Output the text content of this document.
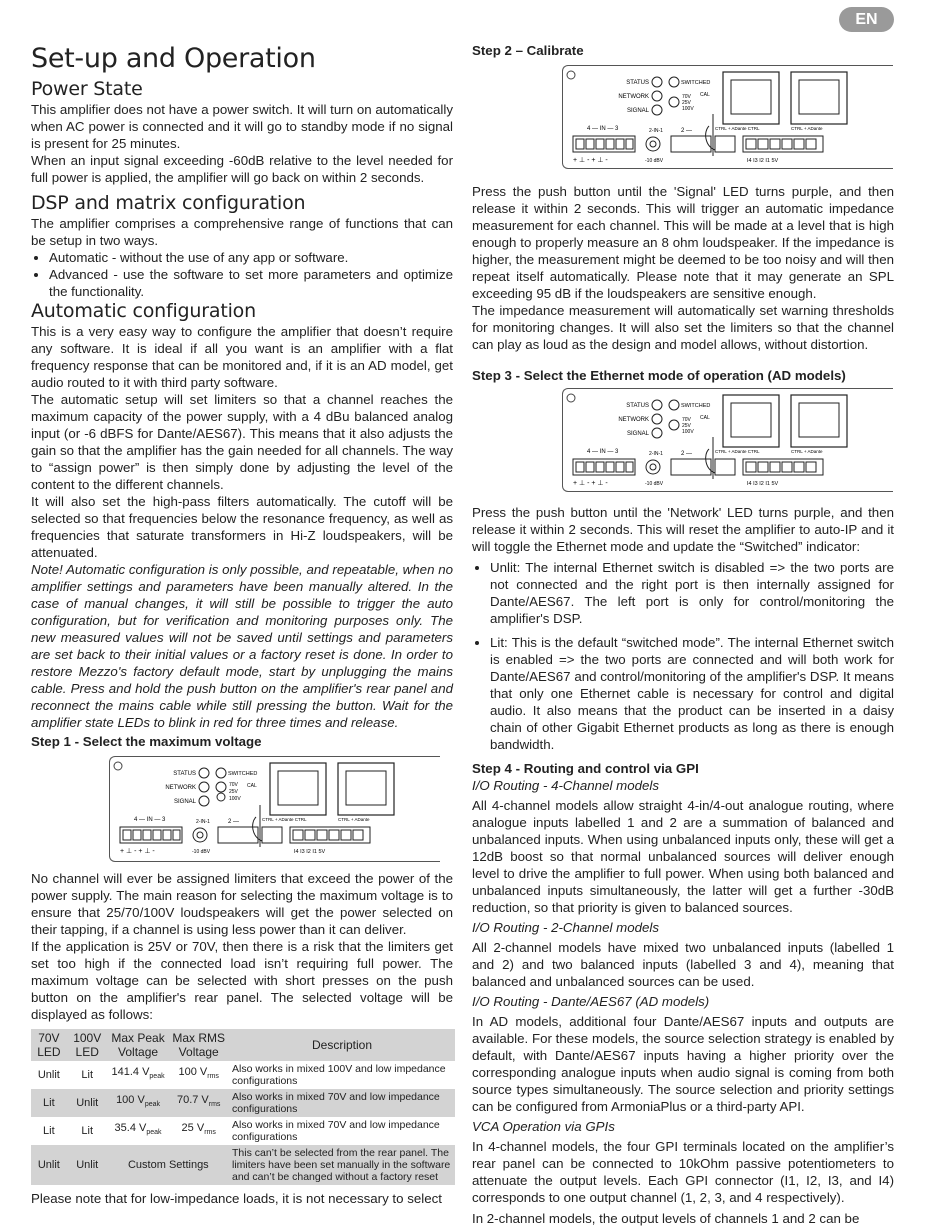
EN
Set-up and Operation
Power State

This amplifier does not have a power switch. It will turn on automatically when AC power is connected and it will go to standby mode if no signal is present for 25 minutes.

When an input signal exceeding -60dB relative to the level needed for full power is applied, the amplifier will go back on within 2 seconds.

DSP and matrix configuration

The amplifier comprises a comprehensive range of functions that can be setup in two ways.

• Automatic - without the use of any app or software.
• Advanced - use the software to set more parameters and optimize the functionality.
Automatic configuration

This is a very easy way to configure the amplifier that doesn’t require any software. It is ideal if all you want is an amplifier with a flat frequency response that can be monitored and, if it is an AD model, get audio routed to it with third party software.

The automatic setup will set limiters so that a channel reaches the maximum capacity of the power supply, with a 4 dBu balanced analog input (or -6 dBFS for Dante/AES67). This means that it also adjusts the gain so that the amplifier has the gain needed for all channels. The way to “assign power” is then simply done by adjusting the level of the content to the different channels.

It will also set the high-pass filters automatically. The cutoff will be selected so that frequencies below the resonance frequency, as well as frequencies that saturate transformers in Hi-Z loudspeakers, will be attenuated.

Note! Automatic configuration is only possible, and repeatable, when no amplifier settings and parameters have been manually altered. In the case of manual changes, it will still be possible to trigger the auto configuration, but for verification and monitoring purposes only. The new measured values will not be saved until settings and parameters are set back to their initial values or a factory reset is done. In order to restore Mezzo's factory default mode, start by unplugging the mains cable. Press and hold the push button on the amplifier's rear panel and reconnect the mains cable while still pressing the button. Wait for the amplifier state LEDs to blink in red for three times and release.

Step 1 - Select the maximum voltage

STATUS
NETWORK
SIGNAL
SWITCHED
70V
25V
100V
CAL
CTRL + ADante CTRL	CTRL + ADante
4 — IN — 3	2-IN-1	2 —
+ ⊥ - + ⊥ -	-10 dBV	I4 I3 I2 I1 5V

No channel will ever be assigned limiters that exceed the power of the power supply. The main reason for selecting the maximum voltage is to ensure that 25/70/100V loudspeakers will get the power selected on their tapping, if a channel is using less power than it can deliver.

If the application is 25V or 70V, then there is a risk that the limiters get set too high if the connected load isn’t requiring full power. The maximum voltage can be selected with short presses on the push button on the amplifier's rear panel. The selected voltage will be displayed as follows:

70V LED	100V LED	Max Peak Voltage	Max RMS Voltage	Description
Unlit	Lit	141.4 $V_{peak}$	100 $V_{rms}$	Also works in mixed 100V and low impedance configurations
Lit	Unlit	100 $V_{peak}$	70.7 $V_{rms}$	Also works in mixed 70V and low impedance configurations
Lit	Lit	35.4 $V_{peak}$	25 $V_{rms}$	Also works in mixed 70V and low impedance configurations
Unlit	Unlit	Custom Settings		This can’t be selected from the rear panel. The limiters have been set manually in the software and can’t be changed without a factory reset

Please note that for low-impedance loads, it is not necessary to select

Step 2 – Calibrate

STATUS
NETWORK
SIGNAL
SWITCHED
70V
25V
100V
CAL
CTRL + ADante CTRL	CTRL + ADante
4 — IN — 3	2-IN-1	2 —
+ ⊥ - + ⊥ -	-10 dBV	I4 I3 I2 I1 5V

Press the push button until the 'Signal' LED turns purple, and then release it within 2 seconds. This will trigger an automatic impedance measurement for each channel. This will be made at a level that is high enough to properly measure an 8 ohm loudspeaker. If the impedance is higher, the measurement might be deemed to be too noisy and will then repeat itself automatically. Please note that it may generate an SPL exceeding 95 dB if the loudspeakers are sensitive enough.

The impedance measurement will automatically set warning thresholds for monitoring changes. It will also set the limiters so that the channel can play as loud as the design and model allows, without distortion.

Step 3 - Select the Ethernet mode of operation (AD models)

STATUS
NETWORK
SIGNAL
SWITCHED
70V
25V
100V
CAL
CTRL + ADante CTRL	CTRL + ADante
4 — IN — 3	2-IN-1	2 —
+ ⊥ - + ⊥ -	-10 dBV	I4 I3 I2 I1 5V

Press the push button until the 'Network' LED turns purple, and then release it within 2 seconds. This will reset the amplifier to auto-IP and it will toggle the Ethernet mode and update the “Switched” indicator:

• Unlit: The internal Ethernet switch is disabled => the two ports are not connected and the right port is then internally assigned for Dante/AES67. The left port is only for control/monitoring the amplifier's DSP.
• Lit: This is the default “switched mode”. The internal Ethernet switch is enabled => the two ports are connected and will both work for Dante/AES67 and control/monitoring of the amplifier's DSP. It means that only one Ethernet cable is necessary for control and digital audio. It also means that the product can be inserted in a daisy chain of other Gigabit Ethernet products as long as there is enough bandwidth.

Step 4 - Routing and control via GPI

I/O Routing - 4-Channel models

All 4-channel models allow straight 4-in/4-out analogue routing, where analogue inputs labelled 1 and 2 are a summation of balanced and unbalanced inputs. When using unbalanced inputs only, these will get a 12dB boost so that normal unbalanced sources will deliver enough level to drive the amplifier to full power. When using both balanced and unbalanced inputs simultaneously, the latter will get a further -30dB reduction, so that priority is given to balanced sources.

I/O Routing - 2-Channel models

All 2-channel models have mixed two unbalanced inputs (labelled 1 and 2) and two balanced inputs (labelled 3 and 4), meaning that balanced and unbalanced sources can be used.

I/O Routing - Dante/AES67 (AD models)

In AD models, additional four Dante/AES67 inputs and outputs are available. For these models, the source selection strategy is enabled by default, with Dante/AES67 inputs having a higher priority over the corresponding analogue inputs when audio signal is coming from both source types simultaneously. The source selection and priority settings can be configured from ArmoniaPlus or a third-party API.

VCA Operation via GPIs

In 4-channel models, the four GPI terminals located on the amplifier’s rear panel can be connected to 10kOhm passive potentiometers to attenuate the output levels. Each GPI connector (I1, I2, I3, and I4) corresponds to one output channel (1, 2, 3, and 4 respectively).

In 2-channel models, the output levels of channels 1 and 2 can be
